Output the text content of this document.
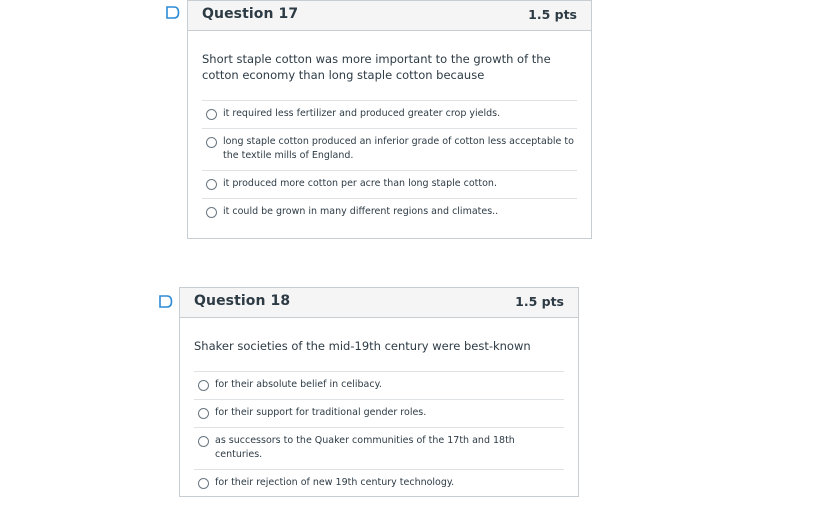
Question 17	1.5 pts
Short staple cotton was more important to the growth of the cotton economy than long staple cotton because
it required less fertilizer and produced greater crop yields.
long staple cotton produced an inferior grade of cotton less acceptable to the textile mills of England.
it produced more cotton per acre than long staple cotton.
it could be grown in many different regions and climates..
Question 18	1.5 pts
Shaker societies of the mid-19th century were best-known
for their absolute belief in celibacy.
for their support for traditional gender roles.
as successors to the Quaker communities of the 17th and 18th centuries.
for their rejection of new 19th century technology.
